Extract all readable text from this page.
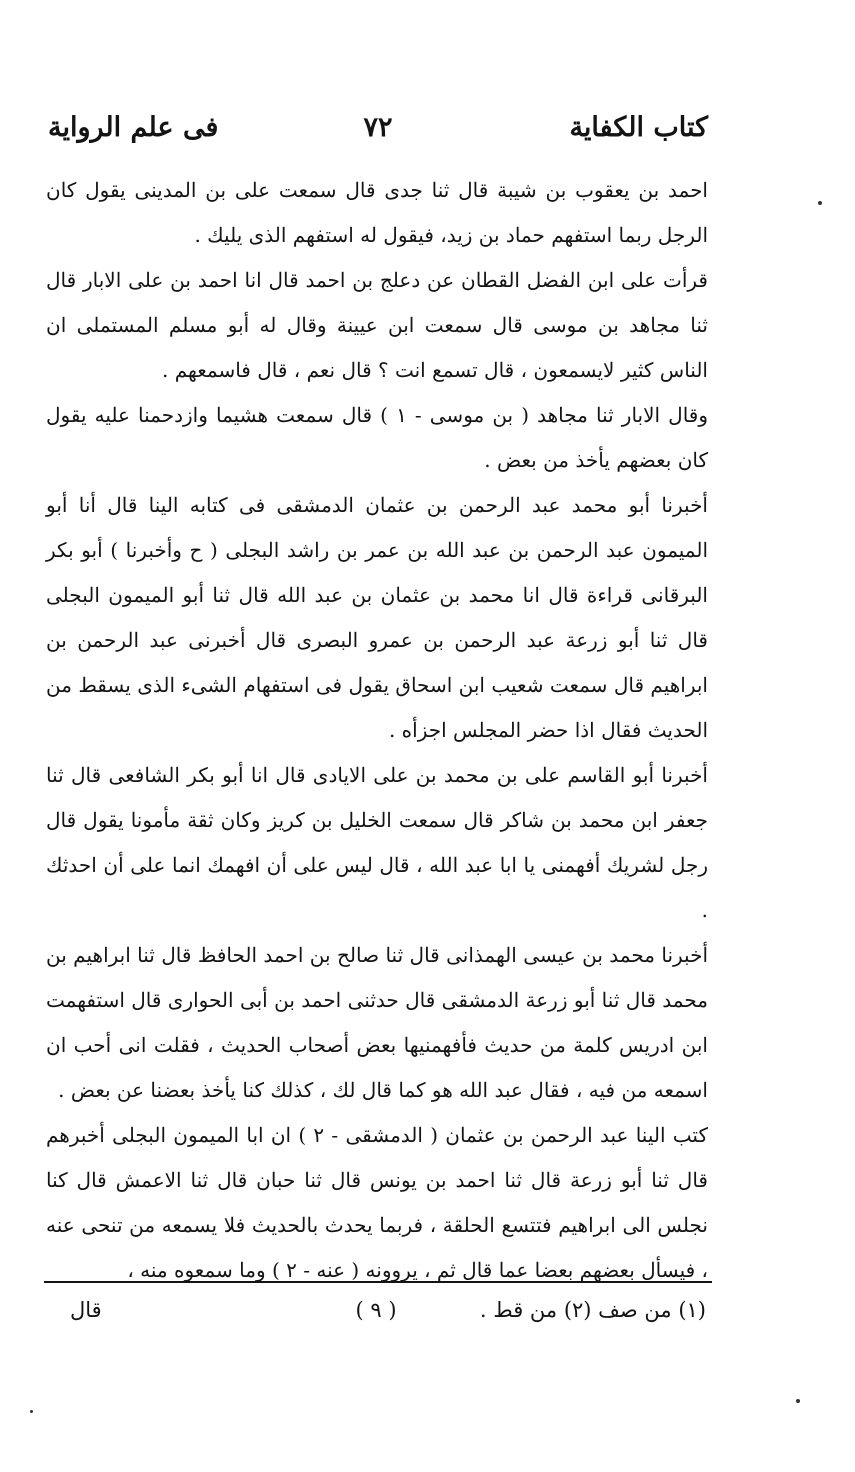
كتاب الكفاية
٧٢
فى علم الرواية

احمد بن يعقوب بن شيبة قال ثنا جدى قال سمعت على بن المدينى يقول كان الرجل ربما استفهم حماد بن زيد، فيقول له استفهم الذى يليك .

قرأت على ابن الفضل القطان عن دعلج بن احمد قال انا احمد بن على الابار قال ثنا مجاهد بن موسى قال سمعت ابن عيينة وقال له أبو مسلم المستملى ان الناس كثير لايسمعون ، قال تسمع انت ؟ قال نعم ، قال فاسمعهم .

وقال الابار ثنا مجاهد ( بن موسى - ١ ) قال سمعت هشيما وازدحمنا عليه يقول كان بعضهم يأخذ من بعض .

أخبرنا أبو محمد عبد الرحمن بن عثمان الدمشقى فى كتابه الينا قال أنا أبو الميمون عبد الرحمن بن عبد الله بن عمر بن راشد البجلى ( ح وأخبرنا ) أبو بكر البرقانى قراءة قال انا محمد بن عثمان بن عبد الله قال ثنا أبو الميمون البجلى قال ثنا أبو زرعة عبد الرحمن بن عمرو البصرى قال أخبرنى عبد الرحمن بن ابراهيم قال سمعت شعيب ابن اسحاق يقول فى استفهام الشىء الذى يسقط من الحديث فقال اذا حضر المجلس اجزأه .

أخبرنا أبو القاسم على بن محمد بن على الايادى قال انا أبو بكر الشافعى قال ثنا جعفر ابن محمد بن شاكر قال سمعت الخليل بن كريز وكان ثقة مأمونا يقول قال رجل لشريك أفهمنى يا ابا عبد الله ، قال ليس على أن افهمك انما على أن احدثك .

أخبرنا محمد بن عيسى الهمذانى قال ثنا صالح بن احمد الحافظ قال ثنا ابراهيم بن محمد قال ثنا أبو زرعة الدمشقى قال حدثنى احمد بن أبى الحوارى قال استفهمت ابن ادريس كلمة من حديث فأفهمنيها بعض أصحاب الحديث ، فقلت انى أحب ان اسمعه من فيه ، فقال عبد الله هو كما قال لك ، كذلك كنا يأخذ بعضنا عن بعض .

كتب الينا عبد الرحمن بن عثمان ( الدمشقى - ٢ ) ان ابا الميمون البجلى أخبرهم قال ثنا أبو زرعة قال ثنا احمد بن يونس قال ثنا حبان قال ثنا الاعمش قال كنا نجلس الى ابراهيم فتتسع الحلقة ، فربما يحدث بالحديث فلا يسمعه من تنحى عنه ، فيسأل بعضهم بعضا عما قال ثم ، يروونه ( عنه - ٢ ) وما سمعوه منه ،

(١) من صف (٢) من قط .
( ٩ )
قال
